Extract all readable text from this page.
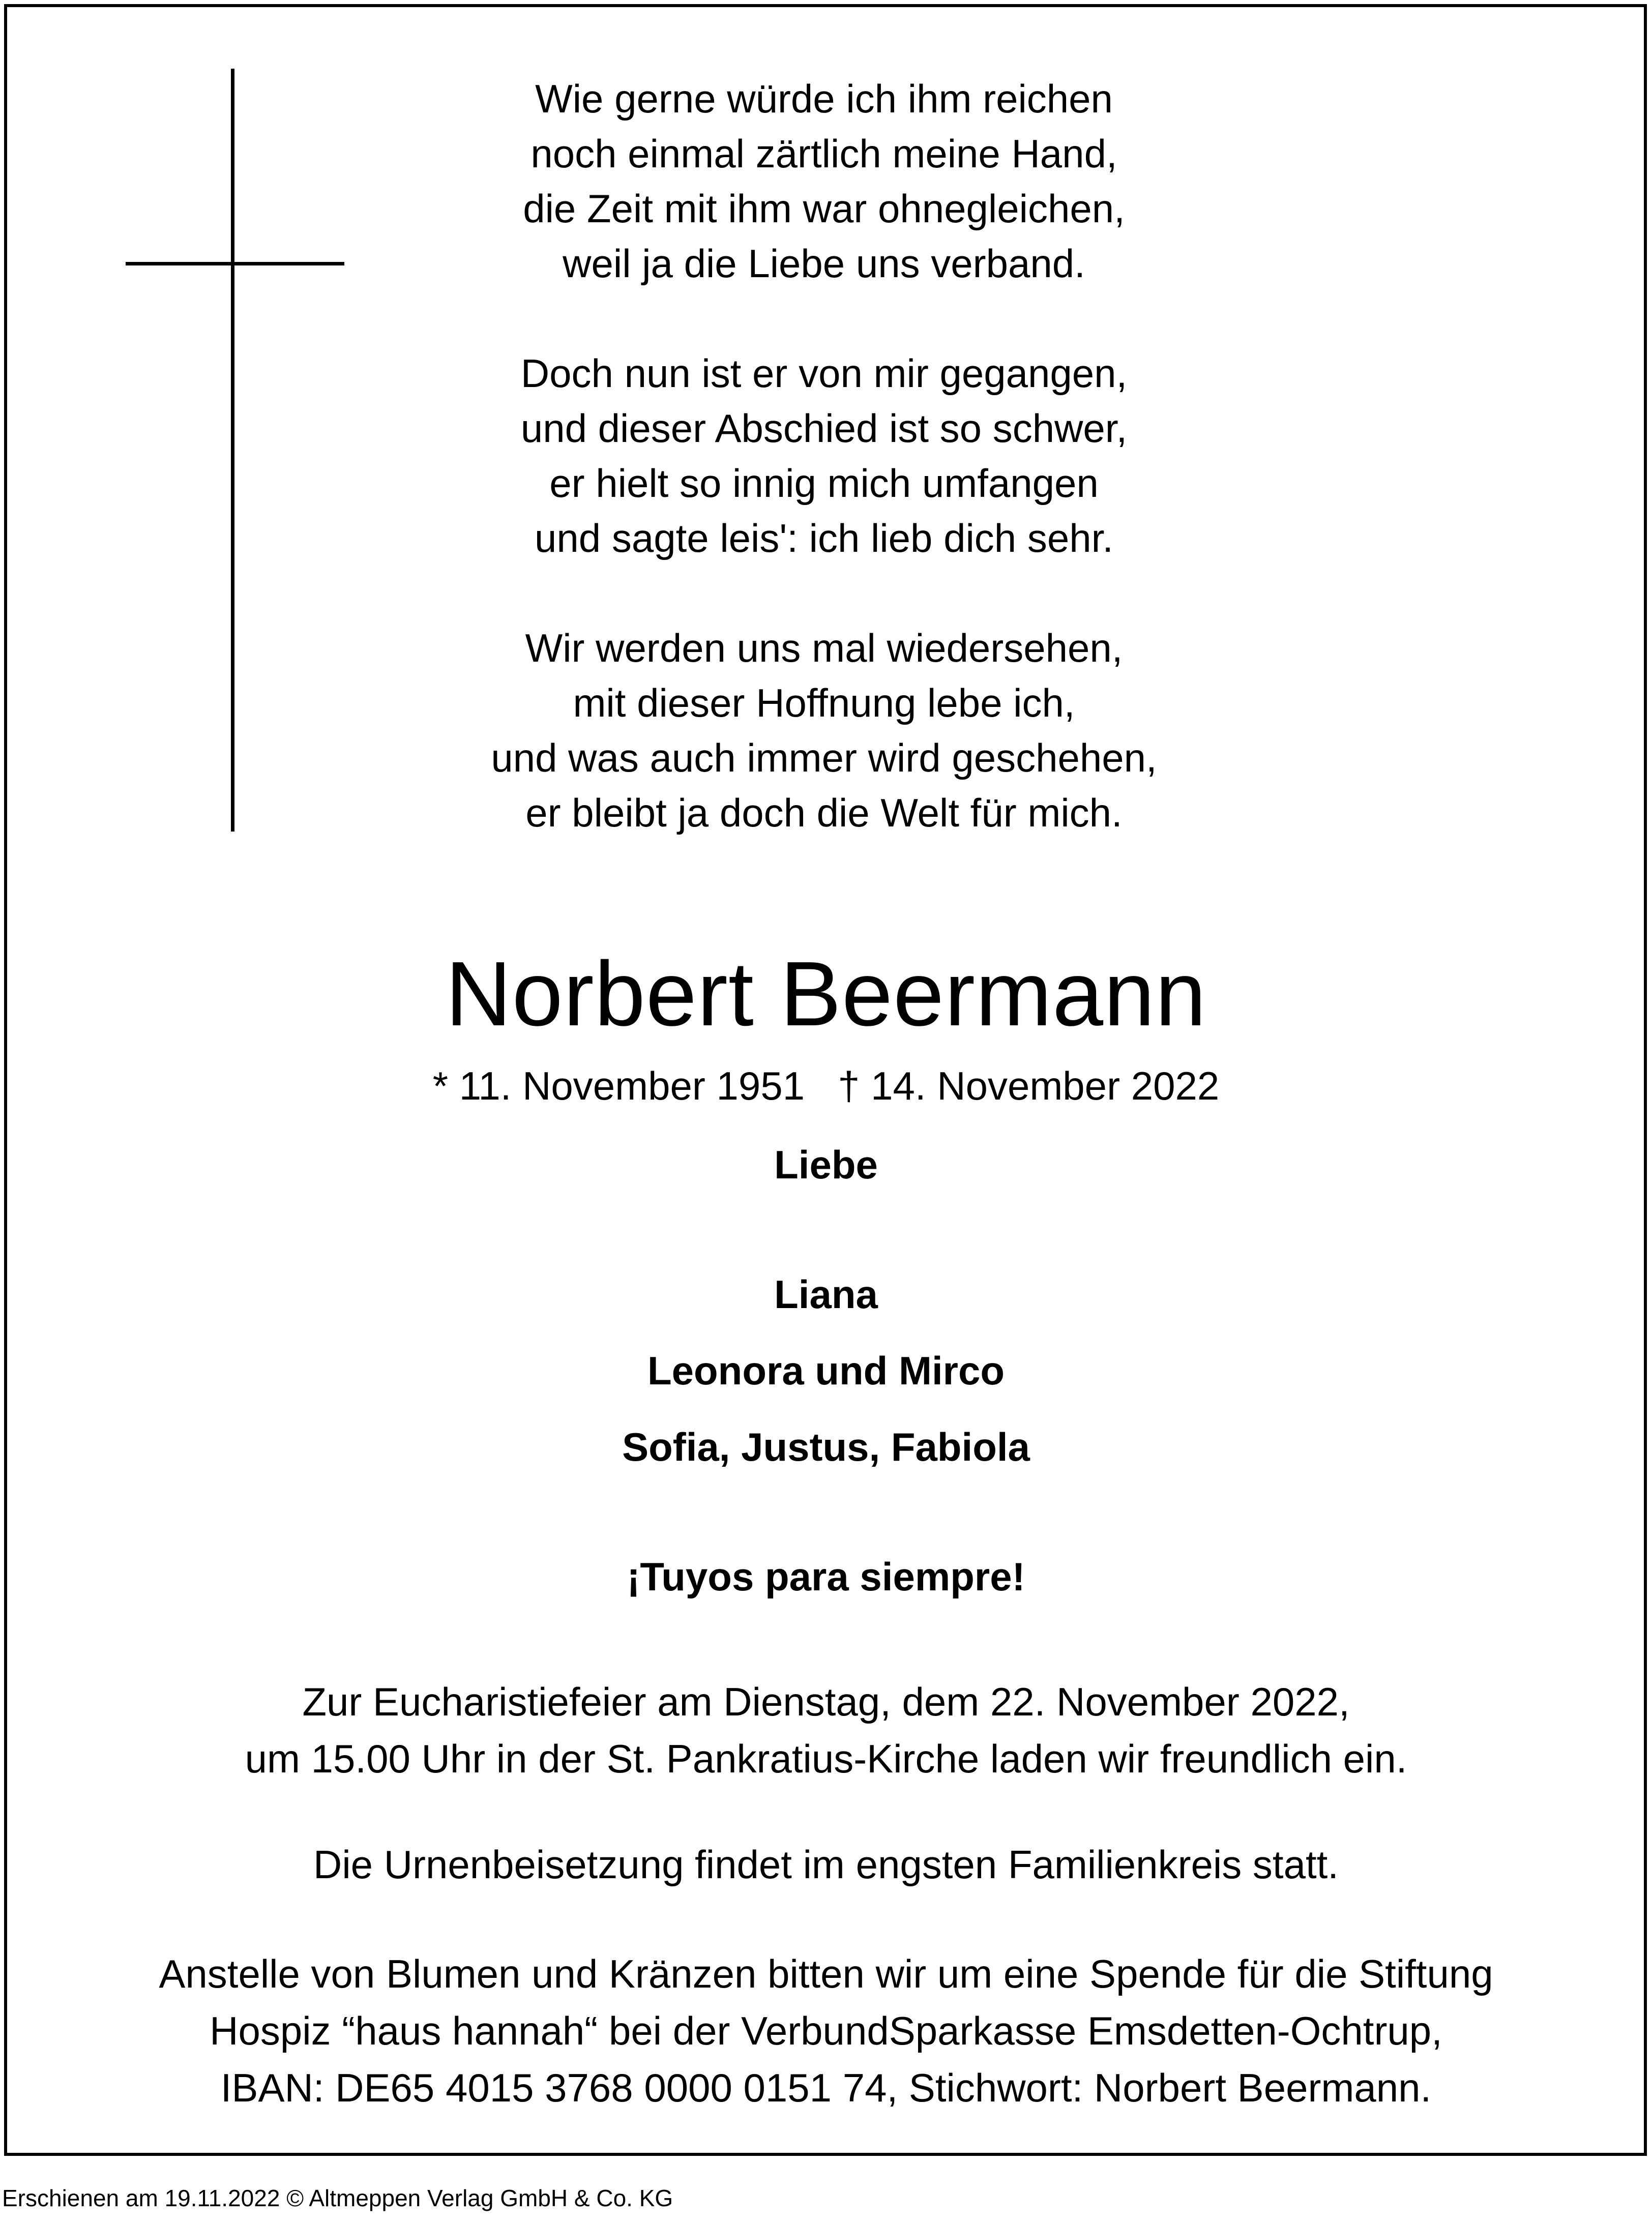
Wie gerne würde ich ihm reichen
noch einmal zärtlich meine Hand,
die Zeit mit ihm war ohnegleichen,
weil ja die Liebe uns verband.
Doch nun ist er von mir gegangen,
und dieser Abschied ist so schwer,
er hielt so innig mich umfangen
und sagte leis': ich lieb dich sehr.
Wir werden uns mal wiedersehen,
mit dieser Hoffnung lebe ich,
und was auch immer wird geschehen,
er bleibt ja doch die Welt für mich.
Norbert Beermann
* 11. November 1951   † 14. November 2022
Liebe
Liana
Leonora und Mirco
Sofia, Justus, Fabiola
¡Tuyos para siempre!
Zur Eucharistiefeier am Dienstag, dem 22. November 2022,
um 15.00 Uhr in der St. Pankratius-Kirche laden wir freundlich ein.
Die Urnenbeisetzung findet im engsten Familienkreis statt.
Anstelle von Blumen und Kränzen bitten wir um eine Spende für die Stiftung
Hospiz “haus hannah“ bei der VerbundSparkasse Emsdetten-Ochtrup,
IBAN: DE65 4015 3768 0000 0151 74, Stichwort: Norbert Beermann.
Erschienen am 19.11.2022 © Altmeppen Verlag GmbH & Co. KG
